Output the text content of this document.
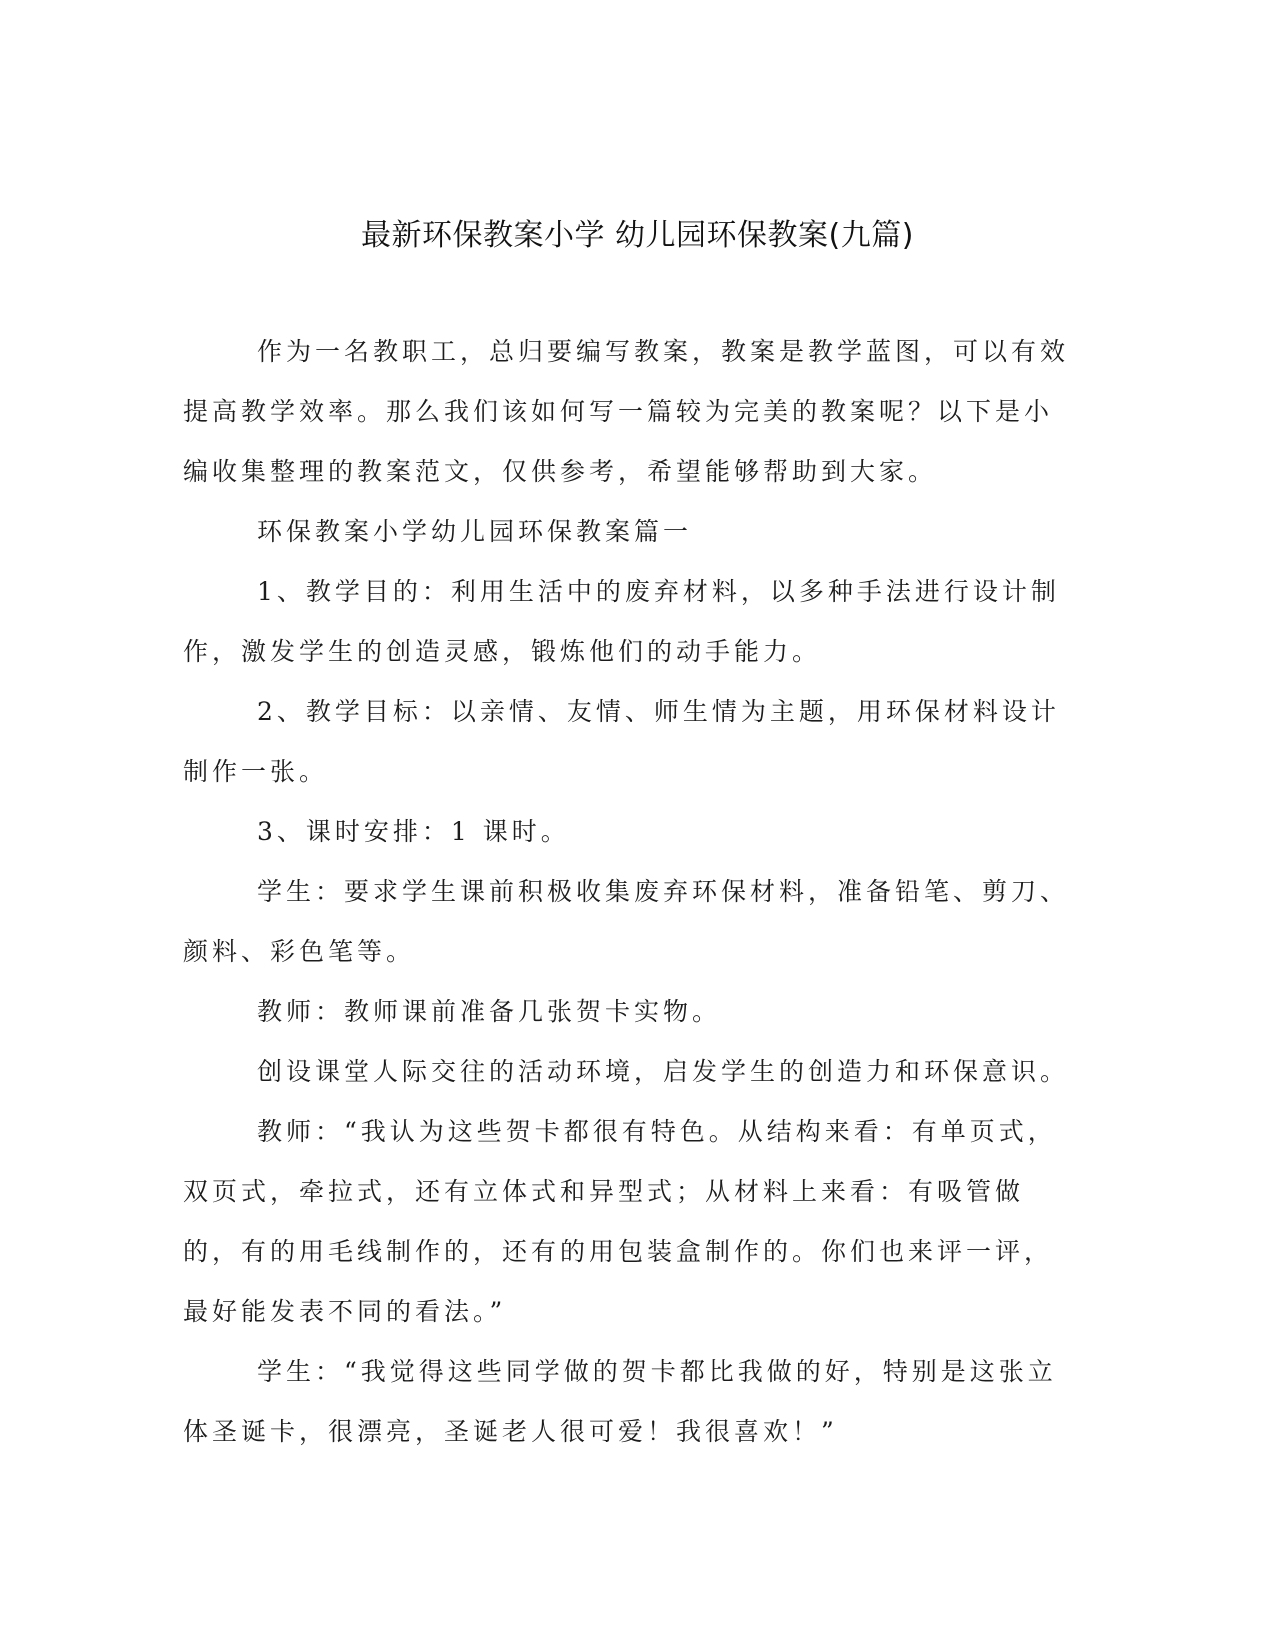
最新环保教案小学 幼儿园环保教案(九篇)

作为一名教职工，总归要编写教案，教案是教学蓝图，可以有效提高教学效率。那么我们该如何写一篇较为完美的教案呢？以下是小编收集整理的教案范文，仅供参考，希望能够帮助到大家。

环保教案小学幼儿园环保教案篇一

1、教学目的：利用生活中的废弃材料，以多种手法进行设计制作，激发学生的创造灵感，锻炼他们的动手能力。

2、教学目标：以亲情、友情、师生情为主题，用环保材料设计制作一张。

3、课时安排：1 课时。

学生：要求学生课前积极收集废弃环保材料，准备铅笔、剪刀、颜料、彩色笔等。

教师：教师课前准备几张贺卡实物。

创设课堂人际交往的活动环境，启发学生的创造力和环保意识。

教师：“我认为这些贺卡都很有特色。从结构来看：有单页式，双页式，牵拉式，还有立体式和异型式；从材料上来看：有吸管做的，有的用毛线制作的，还有的用包装盒制作的。你们也来评一评，最好能发表不同的看法。”

学生：“我觉得这些同学做的贺卡都比我做的好，特别是这张立体圣诞卡，很漂亮，圣诞老人很可爱！我很喜欢！”
